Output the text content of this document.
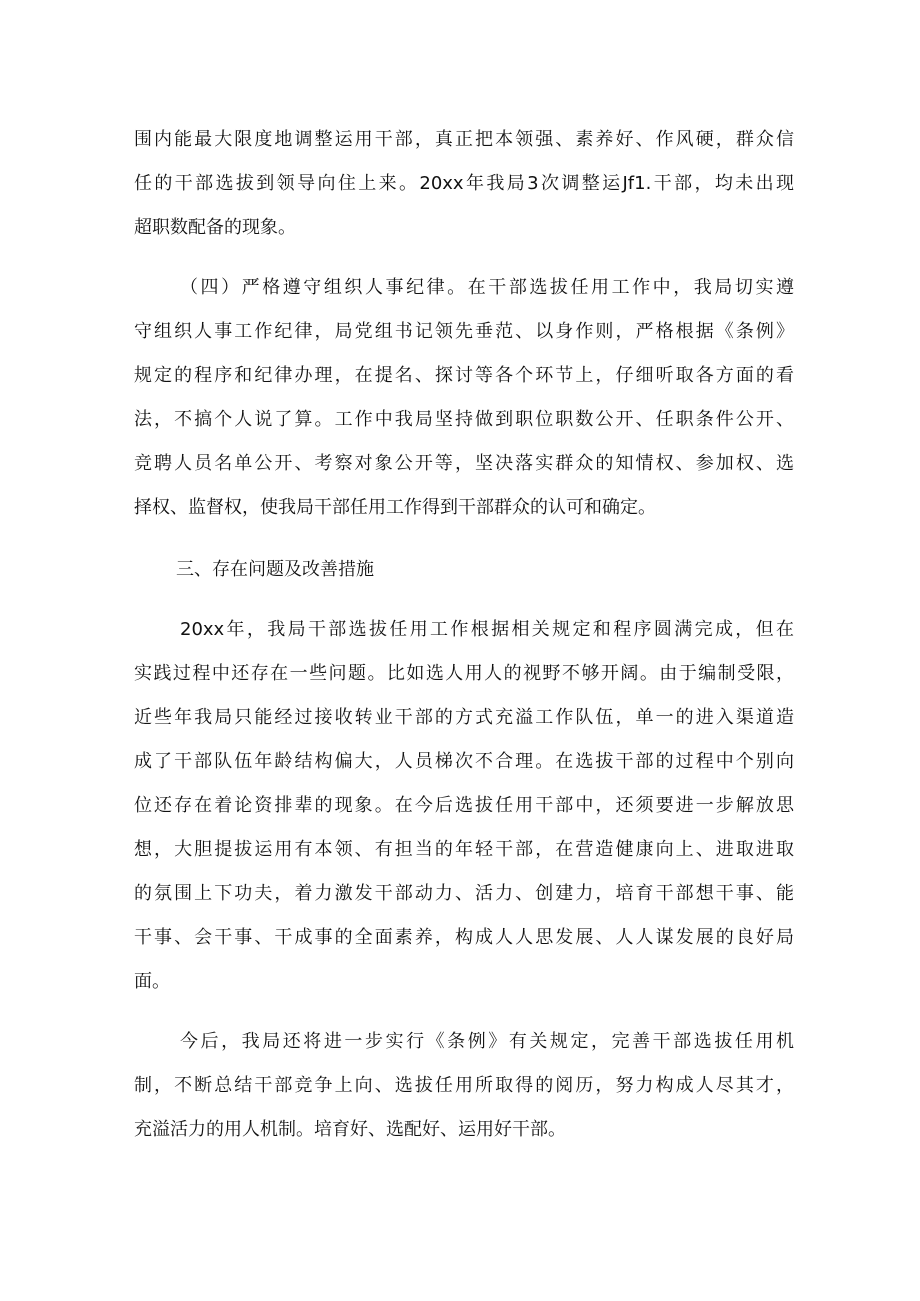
围内能最大限度地调整运用干部，真正把本领强、素养好、作风硬，群众信
任的干部选拔到领导向住上来。20xx年我局3次调整运Jf1.干部，均未出现
超职数配备的现象。
（四）严格遵守组织人事纪律。在干部选拔任用工作中，我局切实遵
守组织人事工作纪律，局党组书记领先垂范、以身作则，严格根据《条例》
规定的程序和纪律办理，在提名、探讨等各个环节上，仔细听取各方面的看
法，不搞个人说了算。工作中我局坚持做到职位职数公开、任职条件公开、
竞聘人员名单公开、考察对象公开等，坚决落实群众的知情权、参加权、选
择权、监督权，使我局干部任用工作得到干部群众的认可和确定。
三、存在问题及改善措施
20xx年，我局干部选拔任用工作根据相关规定和程序圆满完成，但在
实践过程中还存在一些问题。比如选人用人的视野不够开阔。由于编制受限，
近些年我局只能经过接收转业干部的方式充溢工作队伍，单一的进入渠道造
成了干部队伍年龄结构偏大，人员梯次不合理。在选拔干部的过程中个别向
位还存在着论资排辈的现象。在今后选拔任用干部中，还须要进一步解放思
想，大胆提拔运用有本领、有担当的年轻干部，在营造健康向上、进取进取
的氛围上下功夫，着力激发干部动力、活力、创建力，培育干部想干事、能
干事、会干事、干成事的全面素养，构成人人思发展、人人谋发展的良好局
面。
今后，我局还将进一步实行《条例》有关规定，完善干部选拔任用机
制，不断总结干部竞争上向、选拔任用所取得的阅历，努力构成人尽其才，
充溢活力的用人机制。培育好、选配好、运用好干部。
